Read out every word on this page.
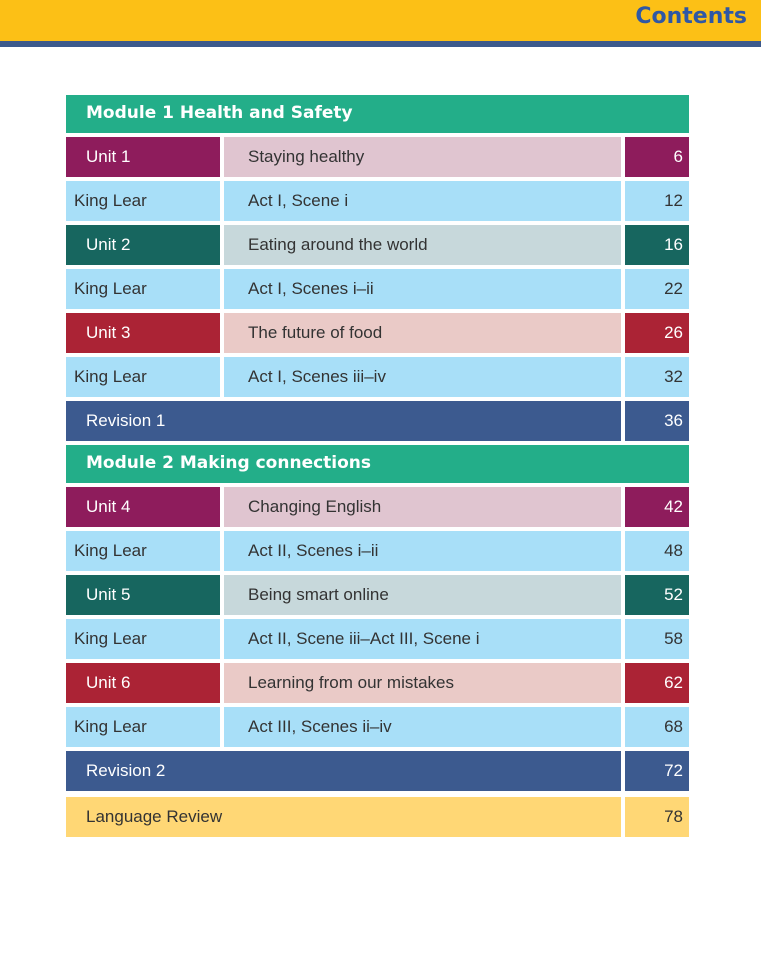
Contents
Module 1 Health and Safety
Unit 1	Staying healthy	6
King Lear	Act I, Scene i	12
Unit 2	Eating around the world	16
King Lear	Act I, Scenes i–ii	22
Unit 3	The future of food	26
King Lear	Act I, Scenes iii–iv	32
Revision 1	36
Module 2 Making connections
Unit 4	Changing English	42
King Lear	Act II, Scenes i–ii	48
Unit 5	Being smart online	52
King Lear	Act II, Scene iii–Act III, Scene i	58
Unit 6	Learning from our mistakes	62
King Lear	Act III, Scenes ii–iv	68
Revision 2	72
Language Review	78
